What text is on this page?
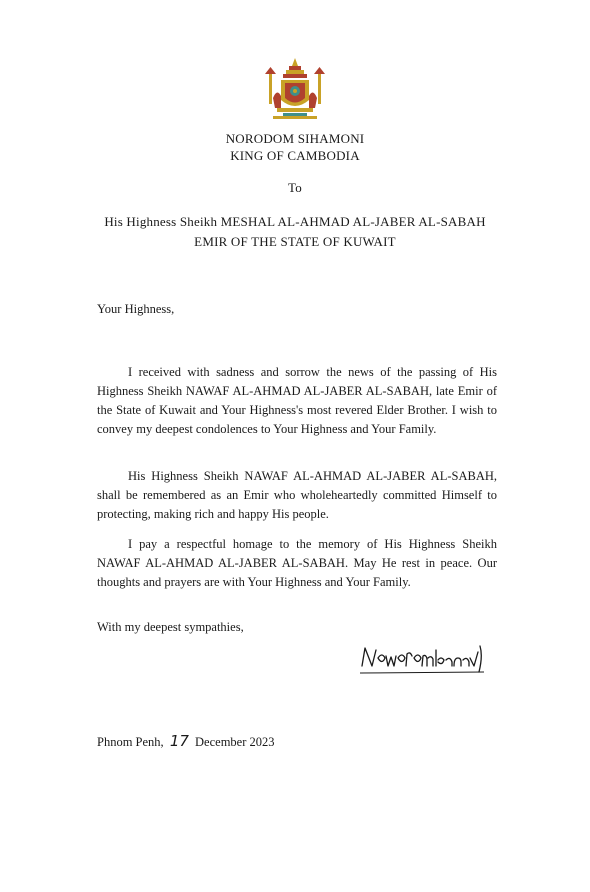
NORODOM SIHAMONI
KING OF CAMBODIA
To
His Highness Sheikh MESHAL AL-AHMAD AL-JABER AL-SABAH
EMIR OF THE STATE OF KUWAIT
Your Highness,
I received with sadness and sorrow the news of the passing of His Highness Sheikh NAWAF AL-AHMAD AL-JABER AL-SABAH, late Emir of the State of Kuwait and Your Highness's most revered Elder Brother. I wish to convey my deepest condolences to Your Highness and Your Family.
His Highness Sheikh NAWAF AL-AHMAD AL-JABER AL-SABAH, shall be remembered as an Emir who wholeheartedly committed Himself to protecting, making rich and happy His people.
I pay a respectful homage to the memory of His Highness Sheikh NAWAF AL-AHMAD AL-JABER AL-SABAH. May He rest in peace. Our thoughts and prayers are with Your Highness and Your Family.
With my deepest sympathies,
Phnom Penh, 17 December 2023
